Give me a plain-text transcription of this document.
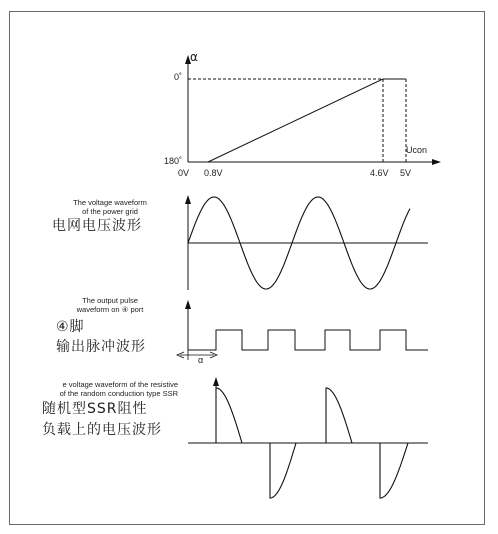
α
Ucon
0˚
180˚
0V 0.8V	4.6V 5V
The voltage waveform
of the power grid
电网电压波形
The output pulse
waveform on ④ port
④脚
输出脉冲波形
α
e voltage waveform of the resistive
of the random conduction type SSR
随机型SSR阻性
负载上的电压波形
